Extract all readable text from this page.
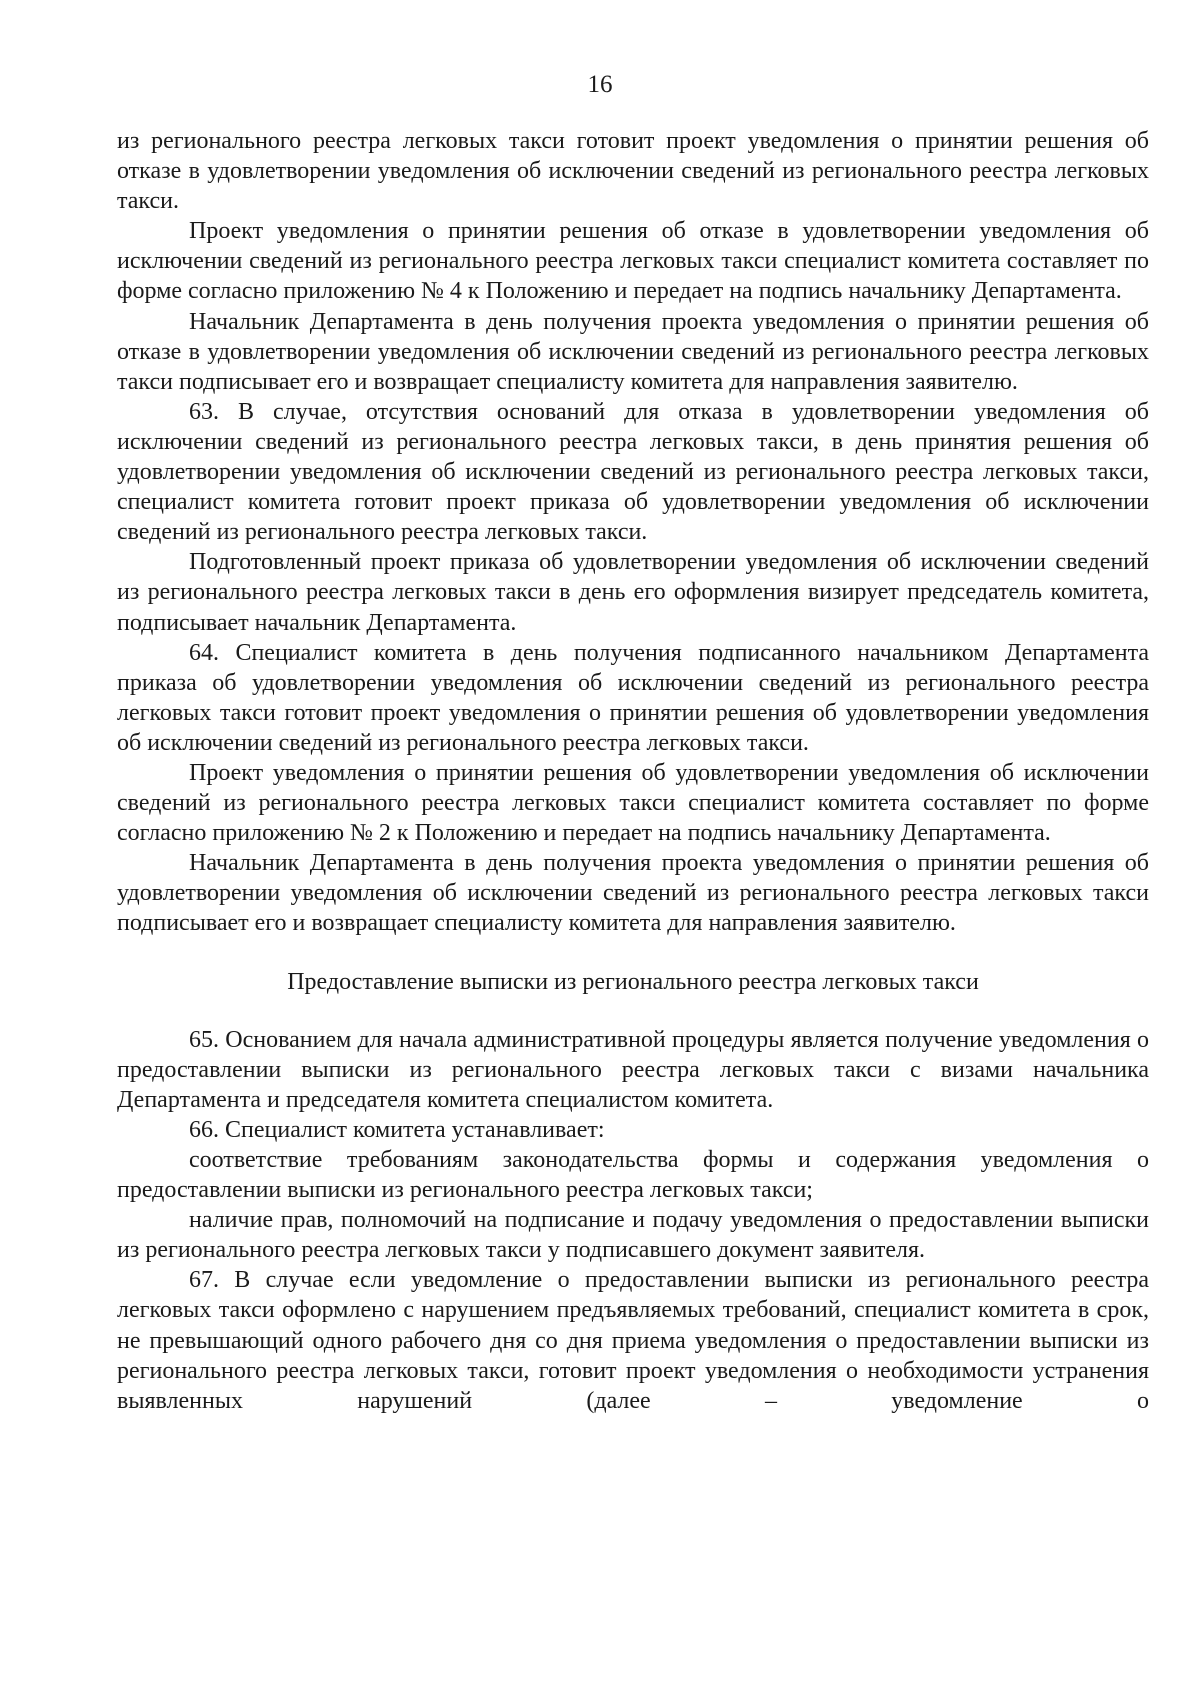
16

из регионального реестра легковых такси готовит проект уведомления о принятии решения об отказе в удовлетворении уведомления об исключении сведений из регионального реестра легковых такси.

Проект уведомления о принятии решения об отказе в удовлетворении уведомления об исключении сведений из регионального реестра легковых такси специалист комитета составляет по форме согласно приложению № 4 к Положению и передает на подпись начальнику Департамента.

Начальник Департамента в день получения проекта уведомления о принятии решения об отказе в удовлетворении уведомления об исключении сведений из регионального реестра легковых такси подписывает его и возвращает специалисту комитета для направления заявителю.

63. В случае, отсутствия оснований для отказа в удовлетворении уведомления об исключении сведений из регионального реестра легковых такси, в день принятия решения об удовлетворении уведомления об исключении сведений из регионального реестра легковых такси, специалист комитета готовит проект приказа об удовлетворении уведомления об исключении сведений из регионального реестра легковых такси.

Подготовленный проект приказа об удовлетворении уведомления об исключении сведений из регионального реестра легковых такси в день его оформления визирует председатель комитета, подписывает начальник Департамента.

64. Специалист комитета в день получения подписанного начальником Департамента приказа об удовлетворении уведомления об исключении сведений из регионального реестра легковых такси готовит проект уведомления о принятии решения об удовлетворении уведомления об исключении сведений из регионального реестра легковых такси.

Проект уведомления о принятии решения об удовлетворении уведомления об исключении сведений из регионального реестра легковых такси специалист комитета составляет по форме согласно приложению № 2 к Положению и передает на подпись начальнику Департамента.

Начальник Департамента в день получения проекта уведомления о принятии решения об удовлетворении уведомления об исключении сведений из регионального реестра легковых такси подписывает его и возвращает специалисту комитета для направления заявителю.

Предоставление выписки из регионального реестра легковых такси

65. Основанием для начала административной процедуры является получение уведомления о предоставлении выписки из регионального реестра легковых такси с визами начальника Департамента и председателя комитета специалистом комитета.

66. Специалист комитета устанавливает:

соответствие требованиям законодательства формы и содержания уведомления о предоставлении выписки из регионального реестра легковых такси;

наличие прав, полномочий на подписание и подачу уведомления о предоставлении выписки из регионального реестра легковых такси у подписавшего документ заявителя.

67. В случае если уведомление о предоставлении выписки из регионального реестра легковых такси оформлено с нарушением предъявляемых требований, специалист комитета в срок, не превышающий одного рабочего дня со дня приема уведомления о предоставлении выписки из регионального реестра легковых такси, готовит проект уведомления о необходимости устранения выявленных нарушений (далее – уведомление о
